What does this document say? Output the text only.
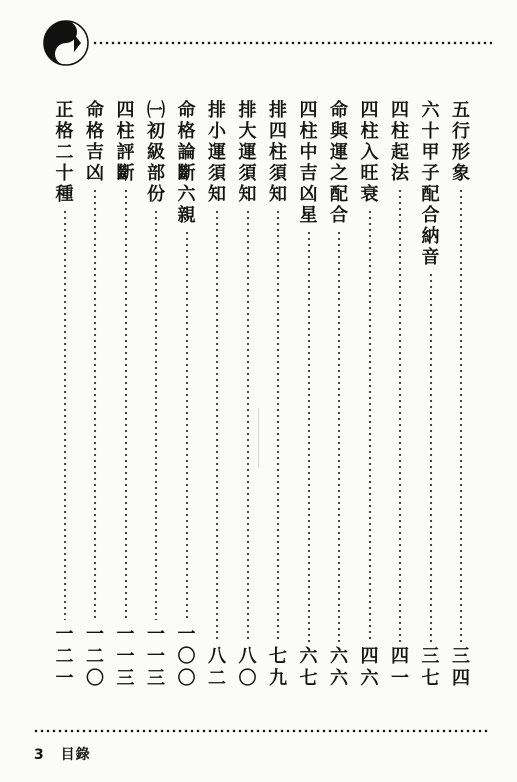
五
行
形
象
三
四
六
十
甲
子
配
合
納
音
三
七
四
柱
起
法
四
一
四
柱
入
旺
衰
四
六
命
與
運
之
配
合
六
六
四
柱
中
吉
凶
星
六
七
排
四
柱
須
知
七
九
排
大
運
須
知
八
〇
排
小
運
須
知
八
二
命
格
論
斷
六
親
一
〇
〇
㈠
初
級
部
份
一
一
三
四
柱
評
斷
一
一
三
命
格
吉
凶
一
二
〇
正
格
二
十
種
一
二
一
3 目錄
